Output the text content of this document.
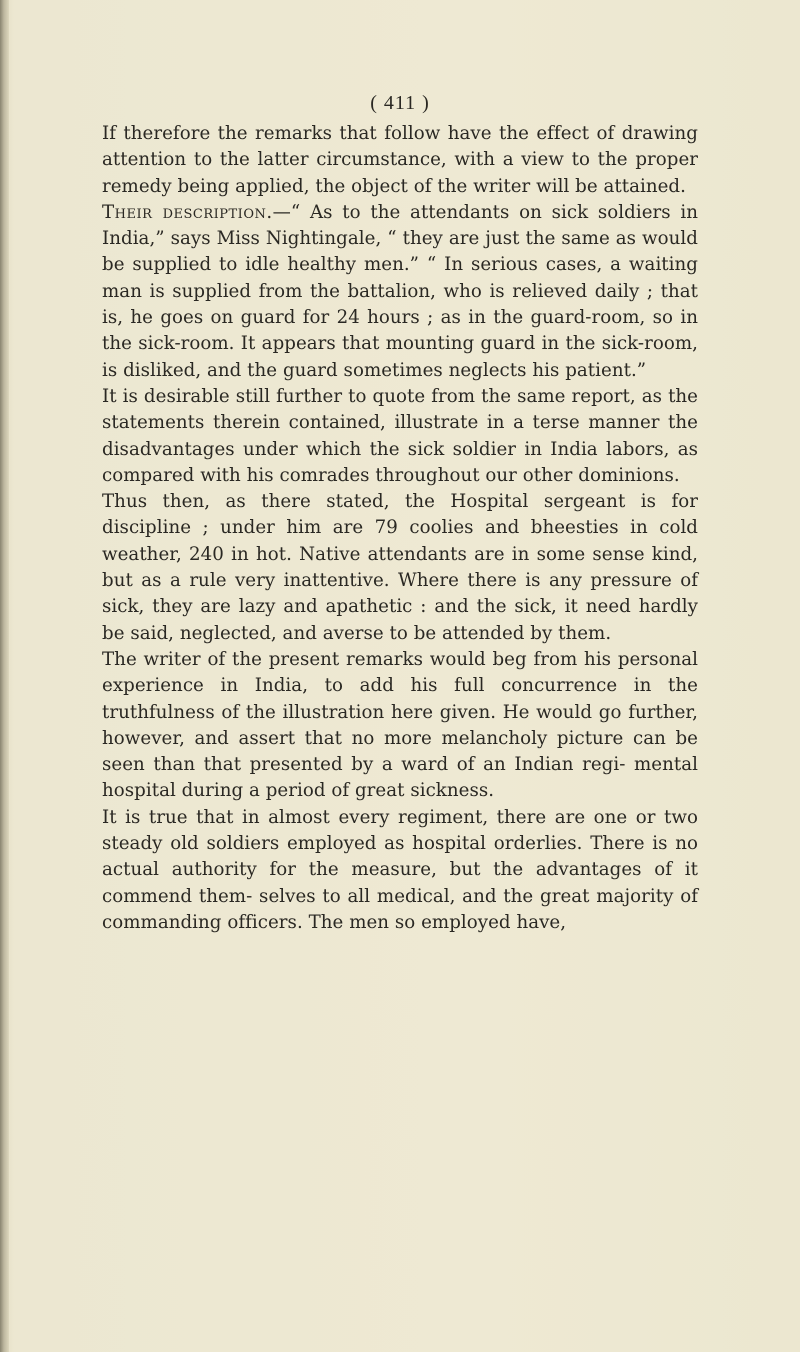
( 411 )

If therefore the remarks that follow have the effect of drawing attention to the latter circumstance, with a view to the proper remedy being applied, the object of the writer will be attained.

Their description.—“ As to the attendants on sick soldiers in India,” says Miss Nightingale, “ they are just the same as would be supplied to idle healthy men.” “ In serious cases, a waiting man is supplied from the battalion, who is relieved daily ; that is, he goes on guard for 24 hours ; as in the guard-room, so in the sick-room. It appears that mounting guard in the sick-room, is disliked, and the guard sometimes neglects his patient.”

It is desirable still further to quote from the same report, as the statements therein contained, illustrate in a terse manner the disadvantages under which the sick soldier in India labors, as compared with his comrades throughout our other dominions.

Thus then, as there stated, the Hospital sergeant is for discipline ; under him are 79 coolies and bheesties in cold weather, 240 in hot. Native attendants are in some sense kind, but as a rule very inattentive. Where there is any pressure of sick, they are lazy and apathetic : and the sick, it need hardly be said, neglected, and averse to be attended by them.

The writer of the present remarks would beg from his personal experience in India, to add his full concurrence in the truthfulness of the illustration here given. He would go further, however, and assert that no more melancholy picture can be seen than that presented by a ward of an Indian regi- mental hospital during a period of great sickness.

It is true that in almost every regiment, there are one or two steady old soldiers employed as hospital orderlies. There is no actual authority for the measure, but the advantages of it commend them- selves to all medical, and the great majority of commanding officers. The men so employed have,
